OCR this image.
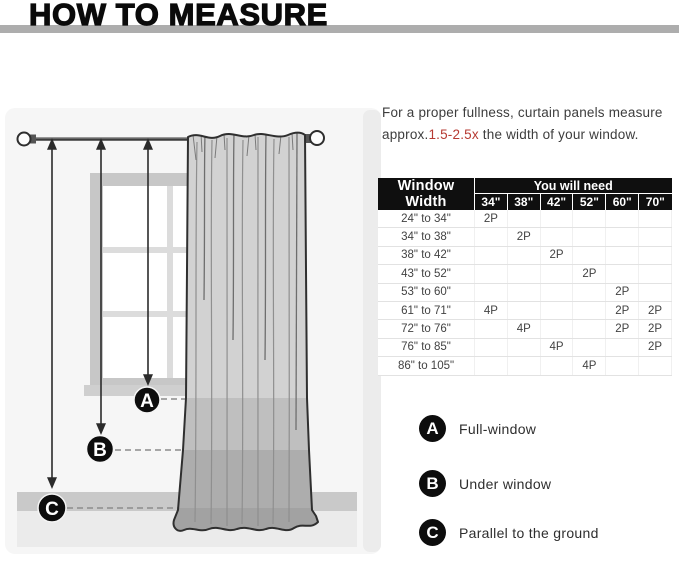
HOW TO MEASURE
A
B
C
For a proper fullness, curtain panels measure
approx.1.5-2.5x the width of your window.
Window Width	You will need					
	34"	38"	42"	52"	60"	70"
24" to 34"	2P					
34" to 38"		2P				
38" to 42"			2P			
43" to 52"				2P		
53" to 60"					2P	
61" to 71"	4P				2P	2P
72" to 76"		4P			2P	2P
76" to 85"			4P			2P
86" to 105"				4P		
A	Full-window
B	Under window
C	Parallel to the ground
